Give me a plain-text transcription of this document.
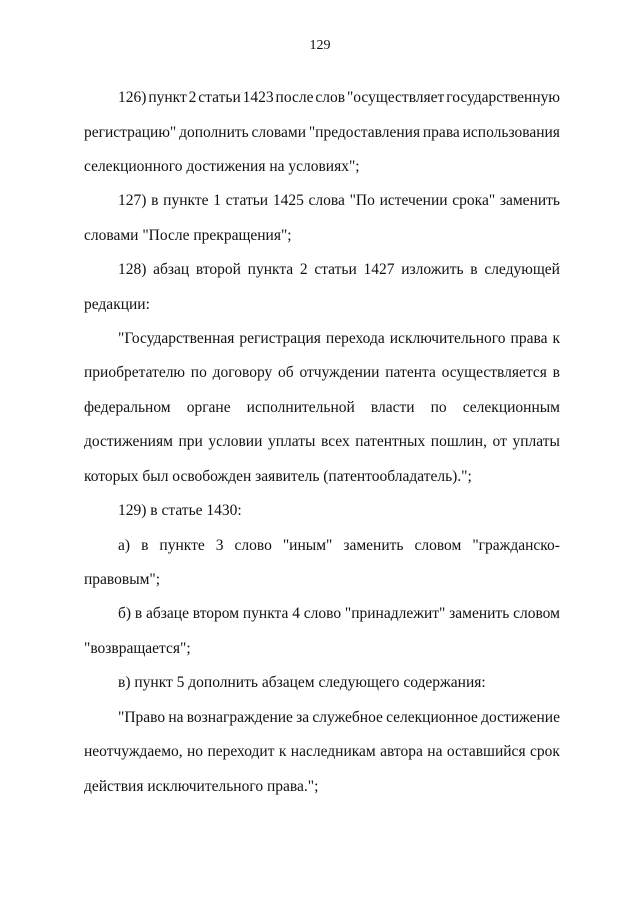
129
126) пункт 2 статьи 1423 после слов "осуществляет государственную
регистрацию" дополнить словами "предоставления права использования
селекционного достижения на условиях";
127) в пункте 1 статьи 1425 слова "По истечении срока" заменить
словами "После прекращения";
128) абзац второй пункта 2 статьи 1427 изложить в следующей
редакции:
"Государственная регистрация перехода исключительного права к
приобретателю по договору об отчуждении патента осуществляется в
федеральном органе исполнительной власти по селекционным
достижениям при условии уплаты всех патентных пошлин, от уплаты
которых был освобожден заявитель (патентообладатель).";
129) в статье 1430:
а) в пункте 3 слово "иным" заменить словом "гражданско-
правовым";
б) в абзаце втором пункта 4 слово "принадлежит" заменить словом
"возвращается";
в) пункт 5 дополнить абзацем следующего содержания:
"Право на вознаграждение за служебное селекционное достижение
неотчуждаемо, но переходит к наследникам автора на оставшийся срок
действия исключительного права.";
